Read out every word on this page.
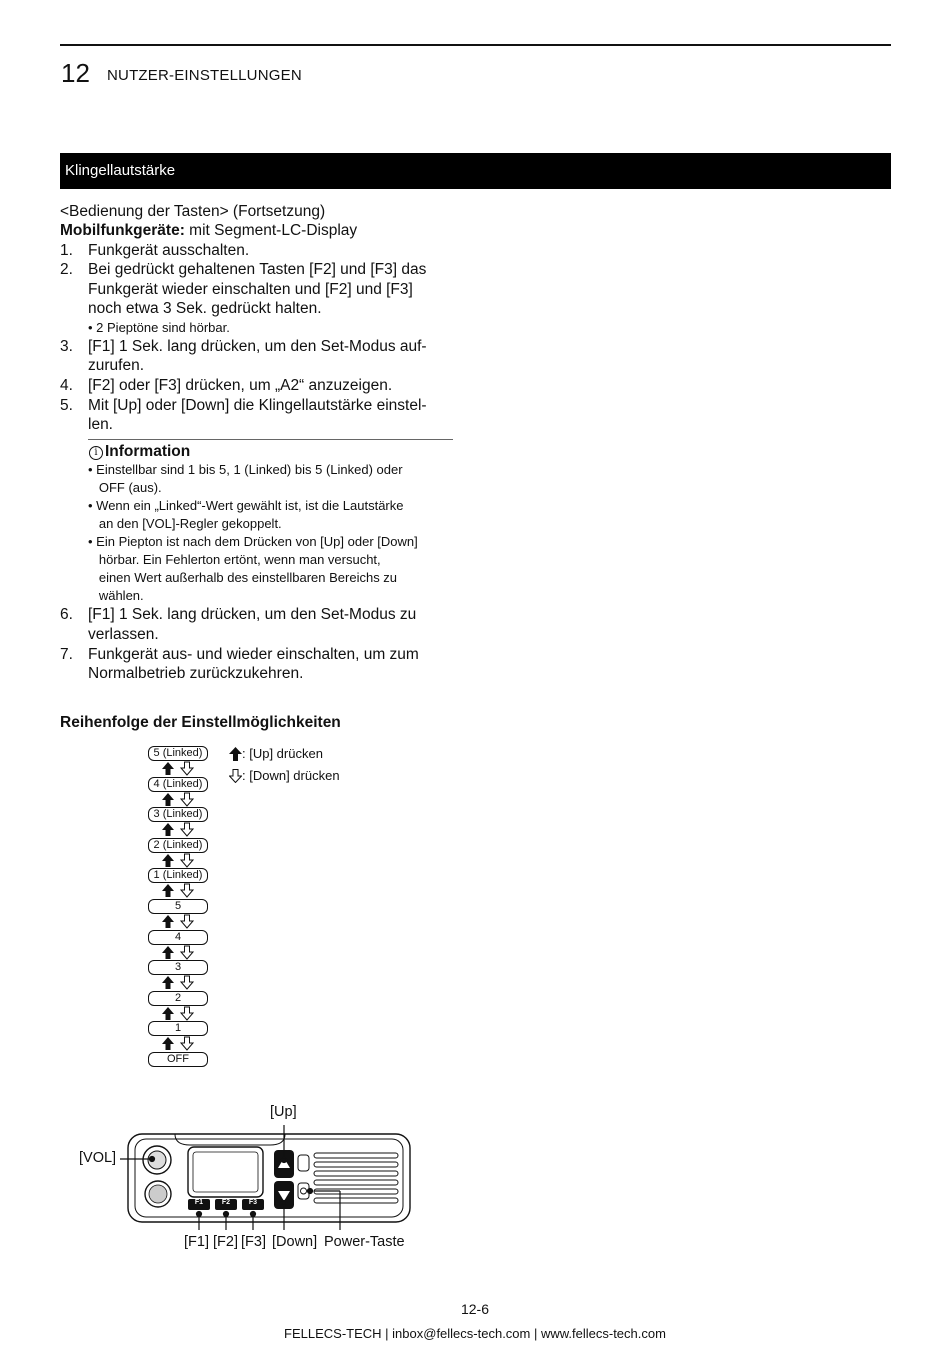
12 NUTZER-EINSTELLUNGEN
Klingellautstärke
<Bedienung der Tasten> (Fortsetzung)
Mobilfunkgeräte: mit Segment-LC-Display
1. Funkgerät ausschalten.
2. Bei gedrückt gehaltenen Tasten [F2] und [F3] das
Funkgerät wieder einschalten und [F2] und [F3]
noch etwa 3 Sek. gedrückt halten.
• 2 Pieptöne sind hörbar.
3. [F1] 1 Sek. lang drücken, um den Set-Modus auf-
zurufen.
4. [F2] oder [F3] drücken, um „A2“ anzuzeigen.
5. Mit [Up] oder [Down] die Klingellautstärke einstel-
len.
i Information
• Einstellbar sind 1 bis 5, 1 (Linked) bis 5 (Linked) oder
OFF (aus).
• Wenn ein „Linked“-Wert gewählt ist, ist die Lautstärke
an den [VOL]-Regler gekoppelt.
• Ein Piepton ist nach dem Drücken von [Up] oder [Down]
hörbar. Ein Fehlerton ertönt, wenn man versucht,
einen Wert außerhalb des einstellbaren Bereichs zu
wählen.
6. [F1] 1 Sek. lang drücken, um den Set-Modus zu
verlassen.
7. Funkgerät aus- und wieder einschalten, um zum
Normalbetrieb zurückzukehren.
Reihenfolge der Einstellmöglichkeiten
5 (Linked)
4 (Linked)
3 (Linked)
2 (Linked)
1 (Linked)
5
4
3
2
1
OFF
: [Up] drücken
: [Down] drücken
[Up]
[VOL]
[F1] [F2] [F3] [Down] Power-Taste
F1	F2	F3
12-6
FELLECS-TECH | inbox@fellecs-tech.com | www.fellecs-tech.com
